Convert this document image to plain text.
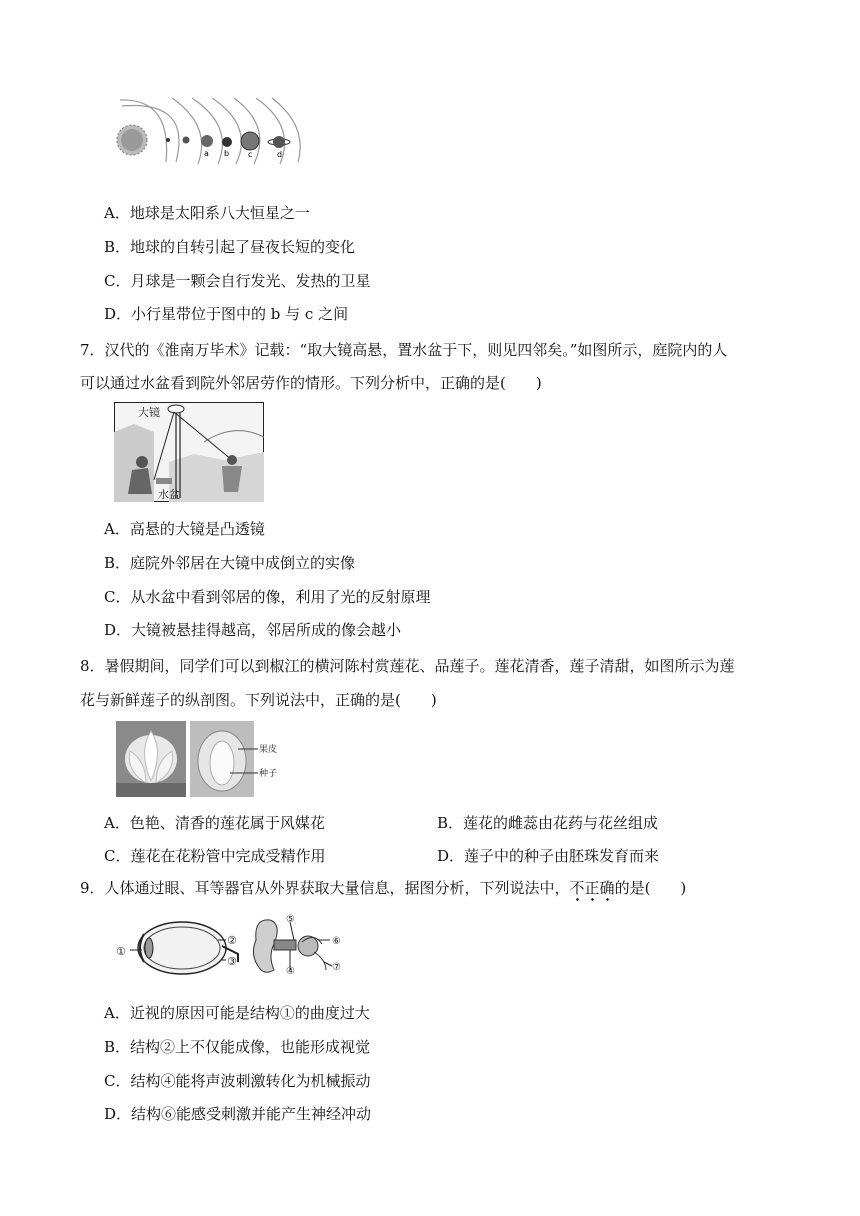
a b c	d
A．地球是太阳系八大恒星之一
B．地球的自转引起了昼夜长短的变化
C．月球是一颗会自行发光、发热的卫星
D．小行星带位于图中的 b 与 c 之间
7．汉代的《淮南万毕术》记载：“取大镜高悬，置水盆于下，则见四邻矣。”如图所示，庭院内的人
可以通过水盆看到院外邻居劳作的情形。下列分析中，正确的是(　　)
大镜
水盆
A．高悬的大镜是凸透镜
B．庭院外邻居在大镜中成倒立的实像
C．从水盆中看到邻居的像，利用了光的反射原理
D．大镜被悬挂得越高，邻居所成的像会越小
8．暑假期间，同学们可以到椒江的横河陈村赏莲花、品莲子。莲花清香，莲子清甜，如图所示为莲
花与新鲜莲子的纵剖图。下列说法中，正确的是(　　)
果皮
种子
A．色艳、清香的莲花属于风媒花	B．莲花的雌蕊由花药与花丝组成
C．莲花在花粉管中完成受精作用	D．莲子中的种子由胚珠发育而来
9．人体通过眼、耳等器官从外界获取大量信息，据图分析，下列说法中，不正确的是(　　)
①
②
③
④
⑤
⑥
⑦
A．近视的原因可能是结构①的曲度过大
B．结构②上不仅能成像，也能形成视觉
C．结构④能将声波刺激转化为机械振动
D．结构⑥能感受刺激并能产生神经冲动
